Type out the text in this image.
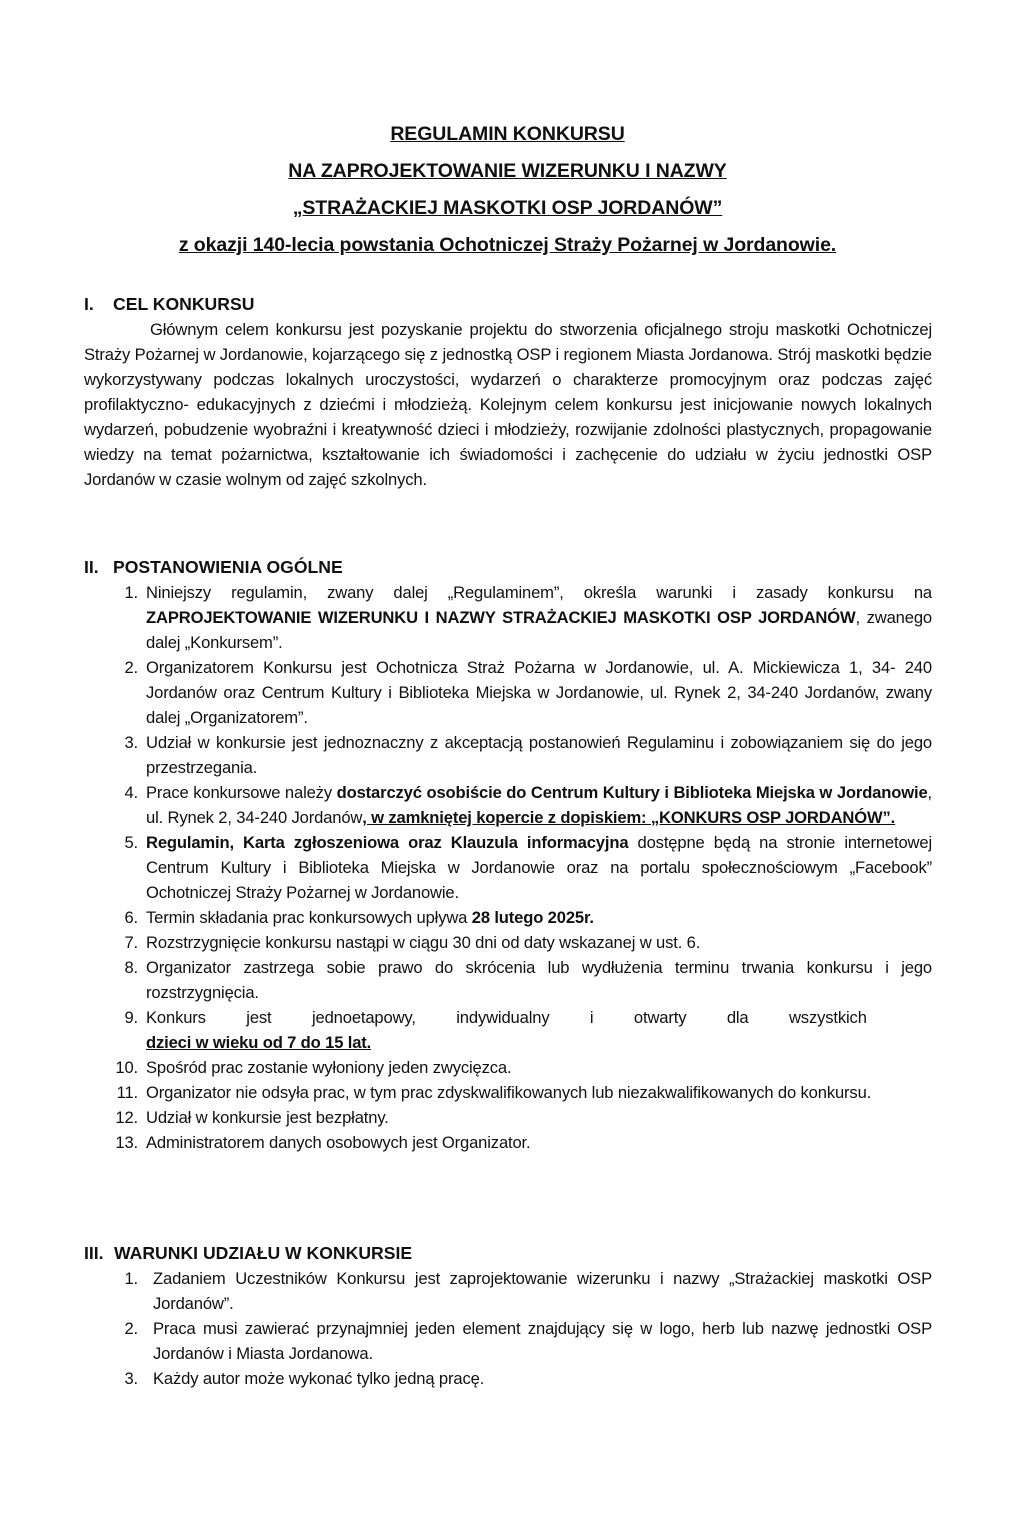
REGULAMIN KONKURSU
NA ZAPROJEKTOWANIE WIZERUNKU I NAZWY
„STRAŻACKIEJ MASKOTKI OSP JORDANÓW”
z okazji 140-lecia powstania Ochotniczej Straży Pożarnej w Jordanowie.
I.	CEL KONKURSU
Głównym celem konkursu jest pozyskanie projektu do stworzenia oficjalnego stroju maskotki Ochotniczej Straży Pożarnej w Jordanowie, kojarzącego się z jednostką OSP i regionem Miasta Jordanowa. Strój maskotki będzie wykorzystywany podczas lokalnych uroczystości, wydarzeń o charakterze promocyjnym oraz podczas zajęć profilaktyczno- edukacyjnych z dziećmi i młodzieżą. Kolejnym celem konkursu jest inicjowanie nowych lokalnych wydarzeń, pobudzenie wyobraźni i kreatywność dzieci i młodzieży, rozwijanie zdolności plastycznych, propagowanie wiedzy na temat pożarnictwa, kształtowanie ich świadomości i zachęcenie do udziału w życiu jednostki OSP Jordanów w czasie wolnym od zajęć szkolnych.
II. POSTANOWIENIA OGÓLNE
1. Niniejszy regulamin, zwany dalej „Regulaminem”, określa warunki i zasady konkursu na ZAPROJEKTOWANIE WIZERUNKU I NAZWY STRAŻACKIEJ MASKOTKI OSP JORDANÓW, zwanego dalej „Konkursem”.
2. Organizatorem Konkursu jest Ochotnicza Straż Pożarna w Jordanowie, ul. A. Mickiewicza 1, 34- 240 Jordanów oraz Centrum Kultury i Biblioteka Miejska w Jordanowie, ul. Rynek 2, 34-240 Jordanów, zwany dalej „Organizatorem”.
3. Udział w konkursie jest jednoznaczny z akceptacją postanowień Regulaminu i zobowiązaniem się do jego przestrzegania.
4. Prace konkursowe należy dostarczyć osobiście do Centrum Kultury i Biblioteka Miejska w Jordanowie, ul. Rynek 2, 34-240 Jordanów, w zamkniętej kopercie z dopiskiem: „KONKURS OSP JORDANÓW”.
5. Regulamin, Karta zgłoszeniowa oraz Klauzula informacyjna dostępne będą na stronie internetowej Centrum Kultury i Biblioteka Miejska w Jordanowie oraz na portalu społecznościowym „Facebook” Ochotniczej Straży Pożarnej w Jordanowie.
6. Termin składania prac konkursowych upływa 28 lutego 2025r.
7. Rozstrzygnięcie konkursu nastąpi w ciągu 30 dni od daty wskazanej w ust. 6.
8. Organizator zastrzega sobie prawo do skrócenia lub wydłużenia terminu trwania konkursu i jego rozstrzygnięcia.
9. Konkurs jest jednoetapowy, indywidualny i otwarty dla wszystkich
dzieci w wieku od 7 do 15 lat.
10. Spośród prac zostanie wyłoniony jeden zwycięzca.
11. Organizator nie odsyła prac, w tym prac zdyskwalifikowanych lub niezakwalifikowanych do konkursu.
12. Udział w konkursie jest bezpłatny.
13. Administratorem danych osobowych jest Organizator.
III. WARUNKI UDZIAŁU W KONKURSIE
1. Zadaniem Uczestników Konkursu jest zaprojektowanie wizerunku i nazwy „Strażackiej maskotki OSP Jordanów”.
2. Praca musi zawierać przynajmniej jeden element znajdujący się w logo, herb lub nazwę jednostki OSP Jordanów i Miasta Jordanowa.
3. Każdy autor może wykonać tylko jedną pracę.
